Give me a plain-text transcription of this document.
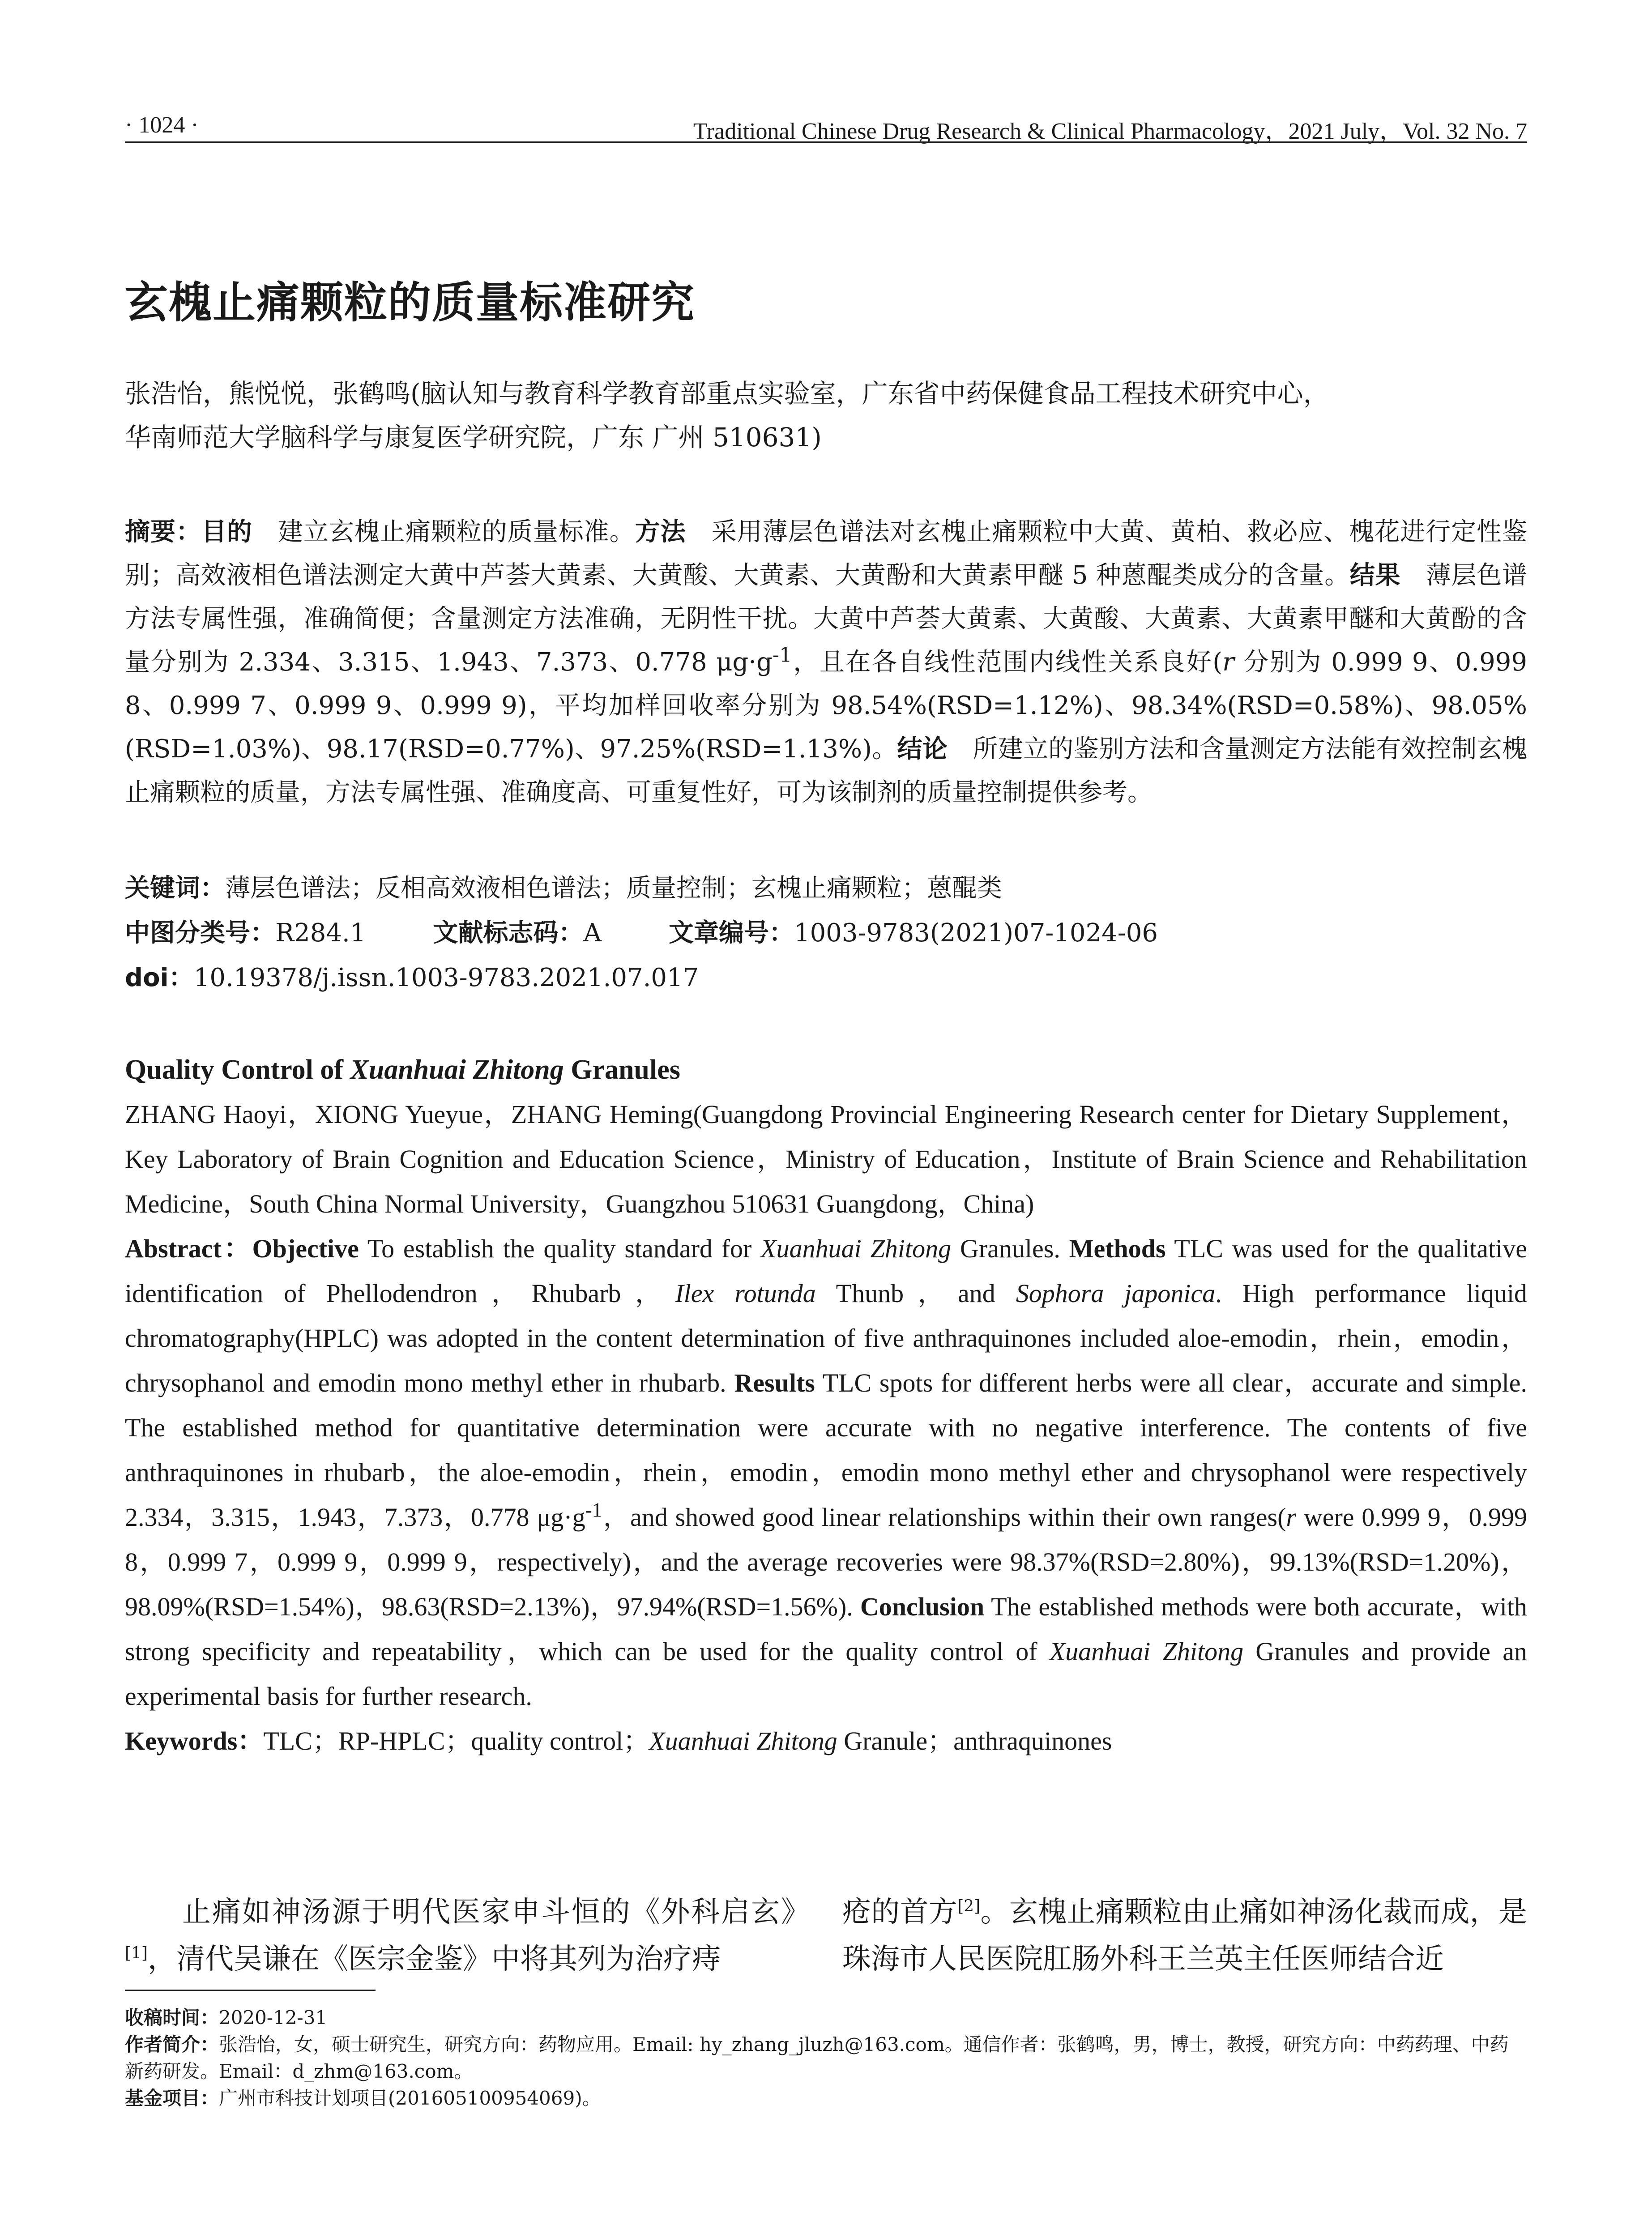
· 1024 ·	Traditional Chinese Drug Research & Clinical Pharmacology，2021 July，Vol. 32 No. 7
玄槐止痛颗粒的质量标准研究
张浩怡，熊悦悦，张鹤鸣(脑认知与教育科学教育部重点实验室，广东省中药保健食品工程技术研究中心，
华南师范大学脑科学与康复医学研究院，广东 广州 510631)
摘要：目的　 建立玄槐止痛颗粒的质量标准。方法　 采用薄层色谱法对玄槐止痛颗粒中大黄、黄柏、救必应、槐花进行定性鉴别；高效液相色谱法测定大黄中芦荟大黄素、大黄酸、大黄素、大黄酚和大黄素甲醚 5 种蒽醌类成分的含量。结果　 薄层色谱方法专属性强，准确简便；含量测定方法准确，无阴性干扰。大黄中芦荟大黄素、大黄酸、大黄素、大黄素甲醚和大黄酚的含量分别为 2.334、3.315、1.943、7.373、0.778 $\mu g\cdot g^{-1}$，且在各自线性范围内线性关系良好(r 分别为 0.999 9、0.999 8、0.999 7、0.999 9、0.999 9)，平均加样回收率分别为 98.54%(RSD=1.12%)、98.34%(RSD=0.58%)、98.05%(RSD=1.03%)、98.17(RSD=0.77%)、97.25%(RSD=1.13%)。结论　 所建立的鉴别方法和含量测定方法能有效控制玄槐止痛颗粒的质量，方法专属性强、准确度高、可重复性好，可为该制剂的质量控制提供参考。
关键词：薄层色谱法；反相高效液相色谱法；质量控制；玄槐止痛颗粒；蒽醌类
中图分类号：R284.1	文献标志码：A	文章编号：1003-9783(2021)07-1024-06
doi：10.19378/j.issn.1003-9783.2021.07.017
Quality Control of Xuanhuai Zhitong Granules
ZHANG Haoyi，XIONG Yueyue，ZHANG Heming(Guangdong Provincial Engineering Research center for Dietary Supplement，Key Laboratory of Brain Cognition and Education Science，Ministry of Education，Institute of Brain Science and Rehabilitation Medicine，South China Normal University，Guangzhou 510631 Guangdong，China)
Abstract：Objective To establish the quality standard for Xuanhuai Zhitong Granules. Methods TLC was used for the qualitative identification of Phellodendron，Rhubarb，Ilex rotunda Thunb，and Sophora japonica. High performance liquid chromatography(HPLC) was adopted in the content determination of five anthraquinones included aloe-emodin，rhein，emodin，chrysophanol and emodin mono methyl ether in rhubarb. Results TLC spots for different herbs were all clear，accurate and simple. The established method for quantitative determination were accurate with no negative interference. The contents of five anthraquinones in rhubarb，the aloe-emodin，rhein，emodin，emodin mono methyl ether and chrysophanol were respectively 2.334，3.315，1.943，7.373，0.778 $\mu g\cdot g^{-1}$，and showed good linear relationships within their own ranges(r were 0.999 9，0.999 8，0.999 7，0.999 9，0.999 9，respectively)，and the average recoveries were 98.37%(RSD=2.80%)，99.13%(RSD=1.20%)，98.09%(RSD=1.54%)，98.63(RSD=2.13%)，97.94%(RSD=1.56%). Conclusion The established methods were both accurate，with strong specificity and repeatability，which can be used for the quality control of Xuanhuai Zhitong Granules and provide an experimental basis for further research.
Keywords：TLC；RP-HPLC；quality control；Xuanhuai Zhitong Granule；anthraquinones
止痛如神汤源于明代医家申斗恒的《外科启玄》[1]，清代吴谦在《医宗金鉴》中将其列为治疗痔
疮的首方[2]。玄槐止痛颗粒由止痛如神汤化裁而成，是珠海市人民医院肛肠外科王兰英主任医师结合近
收稿时间：2020-12-31
作者简介：张浩怡，女，硕士研究生，研究方向：药物应用。Email: hy_zhang_jluzh@163.com。通信作者：张鹤鸣，男，博士，教授，研究方向：中药药理、中药新药研发。Email：d_zhm@163.com。
基金项目：广州市科技计划项目(201605100954069)。
